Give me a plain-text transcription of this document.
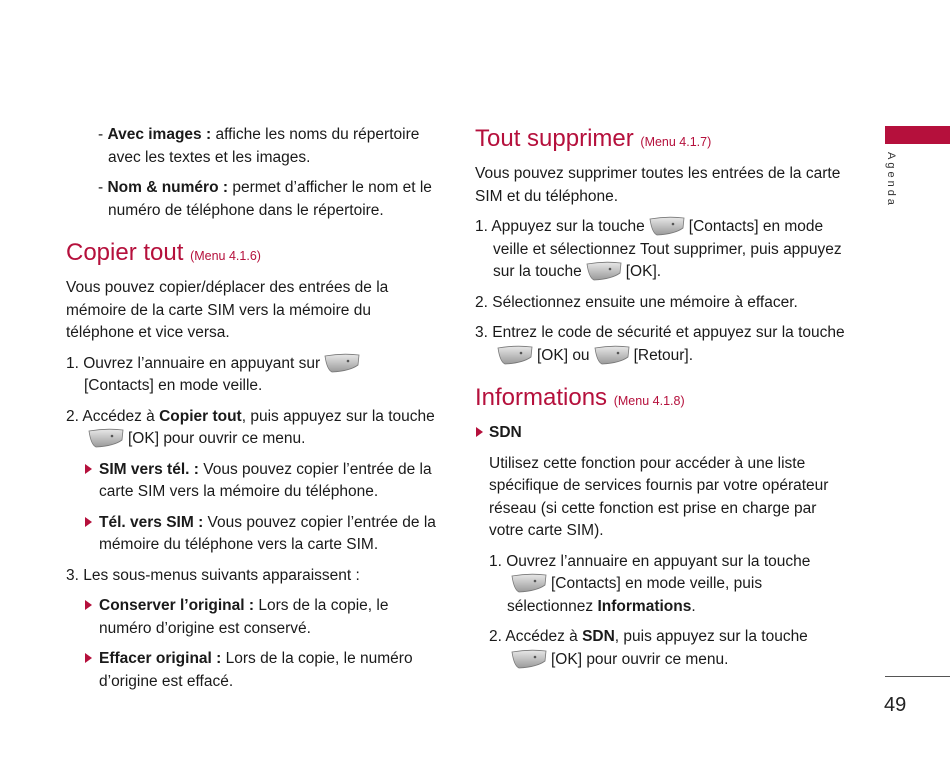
- Avec images : affiche les noms du répertoire avec les textes et les images.

- Nom & numéro : permet d’afficher le nom et le numéro de téléphone dans le répertoire.

Copier tout (Menu 4.1.6)

Vous pouvez copier/déplacer des entrées de la mémoire de la carte SIM vers la mémoire du téléphone et vice versa.

1. Ouvrez l’annuaire en appuyant sur
[Contacts] en mode veille.

2. Accédez à Copier tout, puis appuyez sur la touche
[OK] pour ouvrir ce menu.

SIM vers tél. : Vous pouvez copier l’entrée de la carte SIM vers la mémoire du téléphone.

Tél. vers SIM : Vous pouvez copier l’entrée de la mémoire du téléphone vers la carte SIM.

3. Les sous-menus suivants apparaissent :

Conserver l’original : Lors de la copie, le numéro d’origine est conservé.

Effacer original : Lors de la copie, le numéro d’origine est effacé.

Tout supprimer (Menu 4.1.7)

Vous pouvez supprimer toutes les entrées de la carte SIM et du téléphone.

1. Appuyez sur la touche	[Contacts] en mode veille et sélectionnez Tout supprimer, puis appuyez sur la touche	[OK].

2. Sélectionnez ensuite une mémoire à effacer.

3. Entrez le code de sécurité et appuyez sur la touche[OK] ou	[Retour].

Informations (Menu 4.1.8)

SDN

Utilisez cette fonction pour accéder à une liste spécifique de services fournis par votre opérateur réseau (si cette fonction est prise en charge par votre carte SIM).

1. Ouvrez l’annuaire en appuyant sur la touche
[Contacts] en mode veille, puis sélectionnez Informations.

2. Accédez à SDN, puis appuyez sur la touche
[OK] pour ouvrir ce menu.

Agenda
49
